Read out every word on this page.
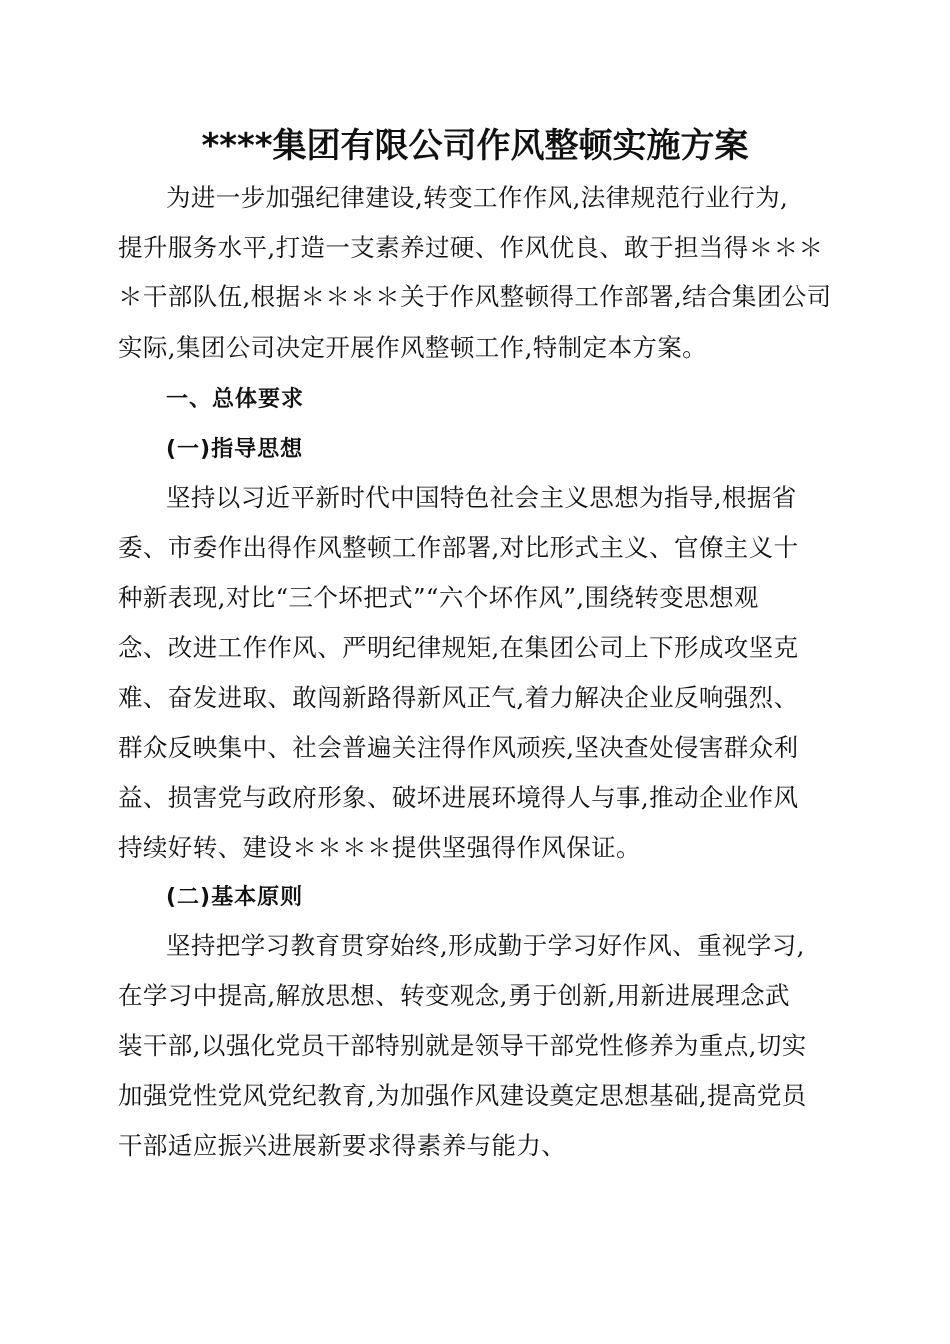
****集团有限公司作风整顿实施方案
为进一步加强纪律建设,转变工作作风,法律规范行业行为,
提升服务水平,打造一支素养过硬、作风优良、敢于担当得＊＊＊
＊干部队伍,根据＊＊＊＊关于作风整顿得工作部署,结合集团公司
实际,集团公司决定开展作风整顿工作,特制定本方案。
一、总体要求
(一)指导思想
坚持以习近平新时代中国特色社会主义思想为指导,根据省
委、市委作出得作风整顿工作部署,对比形式主义、官僚主义十
种新表现,对比“三个坏把式”“六个坏作风”,围绕转变思想观
念、改进工作作风、严明纪律规矩,在集团公司上下形成攻坚克
难、奋发进取、敢闯新路得新风正气,着力解决企业反响强烈、
群众反映集中、社会普遍关注得作风顽疾,坚决查处侵害群众利
益、损害党与政府形象、破坏进展环境得人与事,推动企业作风
持续好转、建设＊＊＊＊提供坚强得作风保证。
(二)基本原则
坚持把学习教育贯穿始终,形成勤于学习好作风、重视学习,
在学习中提高,解放思想、转变观念,勇于创新,用新进展理念武
装干部,以强化党员干部特别就是领导干部党性修养为重点,切实
加强党性党风党纪教育,为加强作风建设奠定思想基础,提高党员
干部适应振兴进展新要求得素养与能力、
